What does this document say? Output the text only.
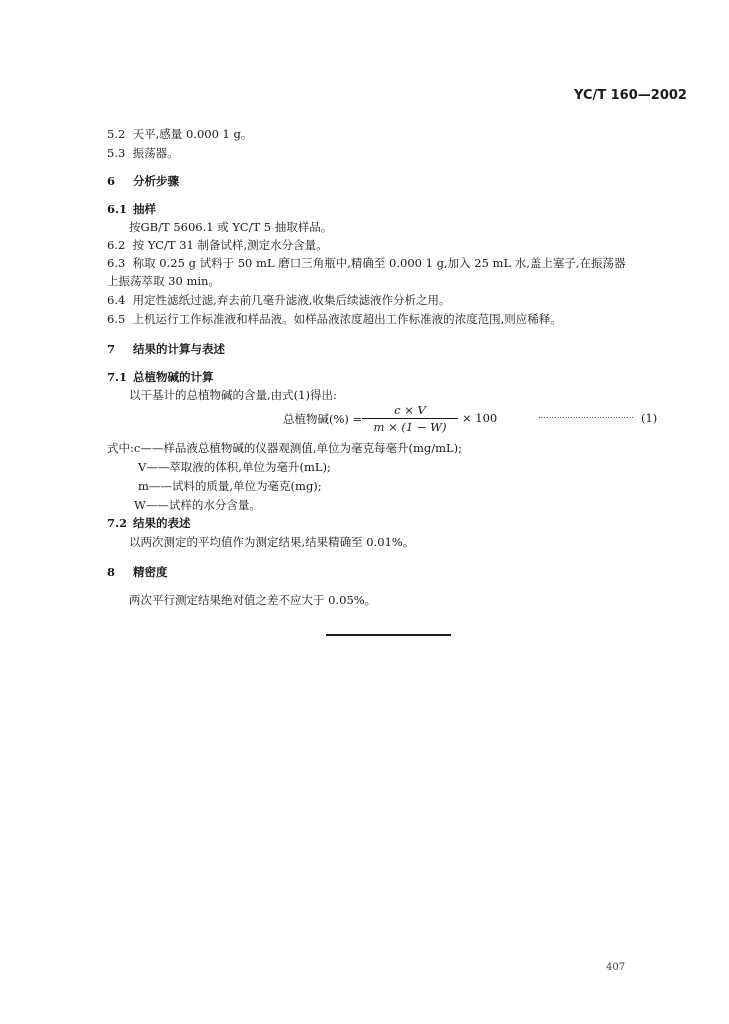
YC/T 160—2002
5.2 天平,感量 0.000 1 g。
5.3 振荡器。
6 分析步骤
6.1 抽样
按GB/T 5606.1 或 YC/T 5 抽取样品。
6.2 按 YC/T 31 制备试样,测定水分含量。
6.3 称取 0.25 g 试料于 50 mL 磨口三角瓶中,精确至 0.000 1 g,加入 25 mL 水,盖上塞子,在振荡器
上振荡萃取 30 min。
6.4 用定性滤纸过滤,弃去前几毫升滤液,收集后续滤液作分析之用。
6.5 上机运行工作标准液和样品液。如样品液浓度超出工作标准液的浓度范围,则应稀释。
7 结果的计算与表述
7.1 总植物碱的计算
以干基计的总植物碱的含量,由式(1)得出:
总植物碱(%) =
c × V
m × (1 − W)
× 100	……………………………… (1)
式中:c——样品液总植物碱的仪器观测值,单位为毫克每毫升(mg/mL);
V——萃取液的体积,单位为毫升(mL);
m——试料的质量,单位为毫克(mg);
W——试样的水分含量。
7.2 结果的表述
以两次测定的平均值作为测定结果,结果精确至 0.01%。
8 精密度
两次平行测定结果绝对值之差不应大于 0.05%。
407
